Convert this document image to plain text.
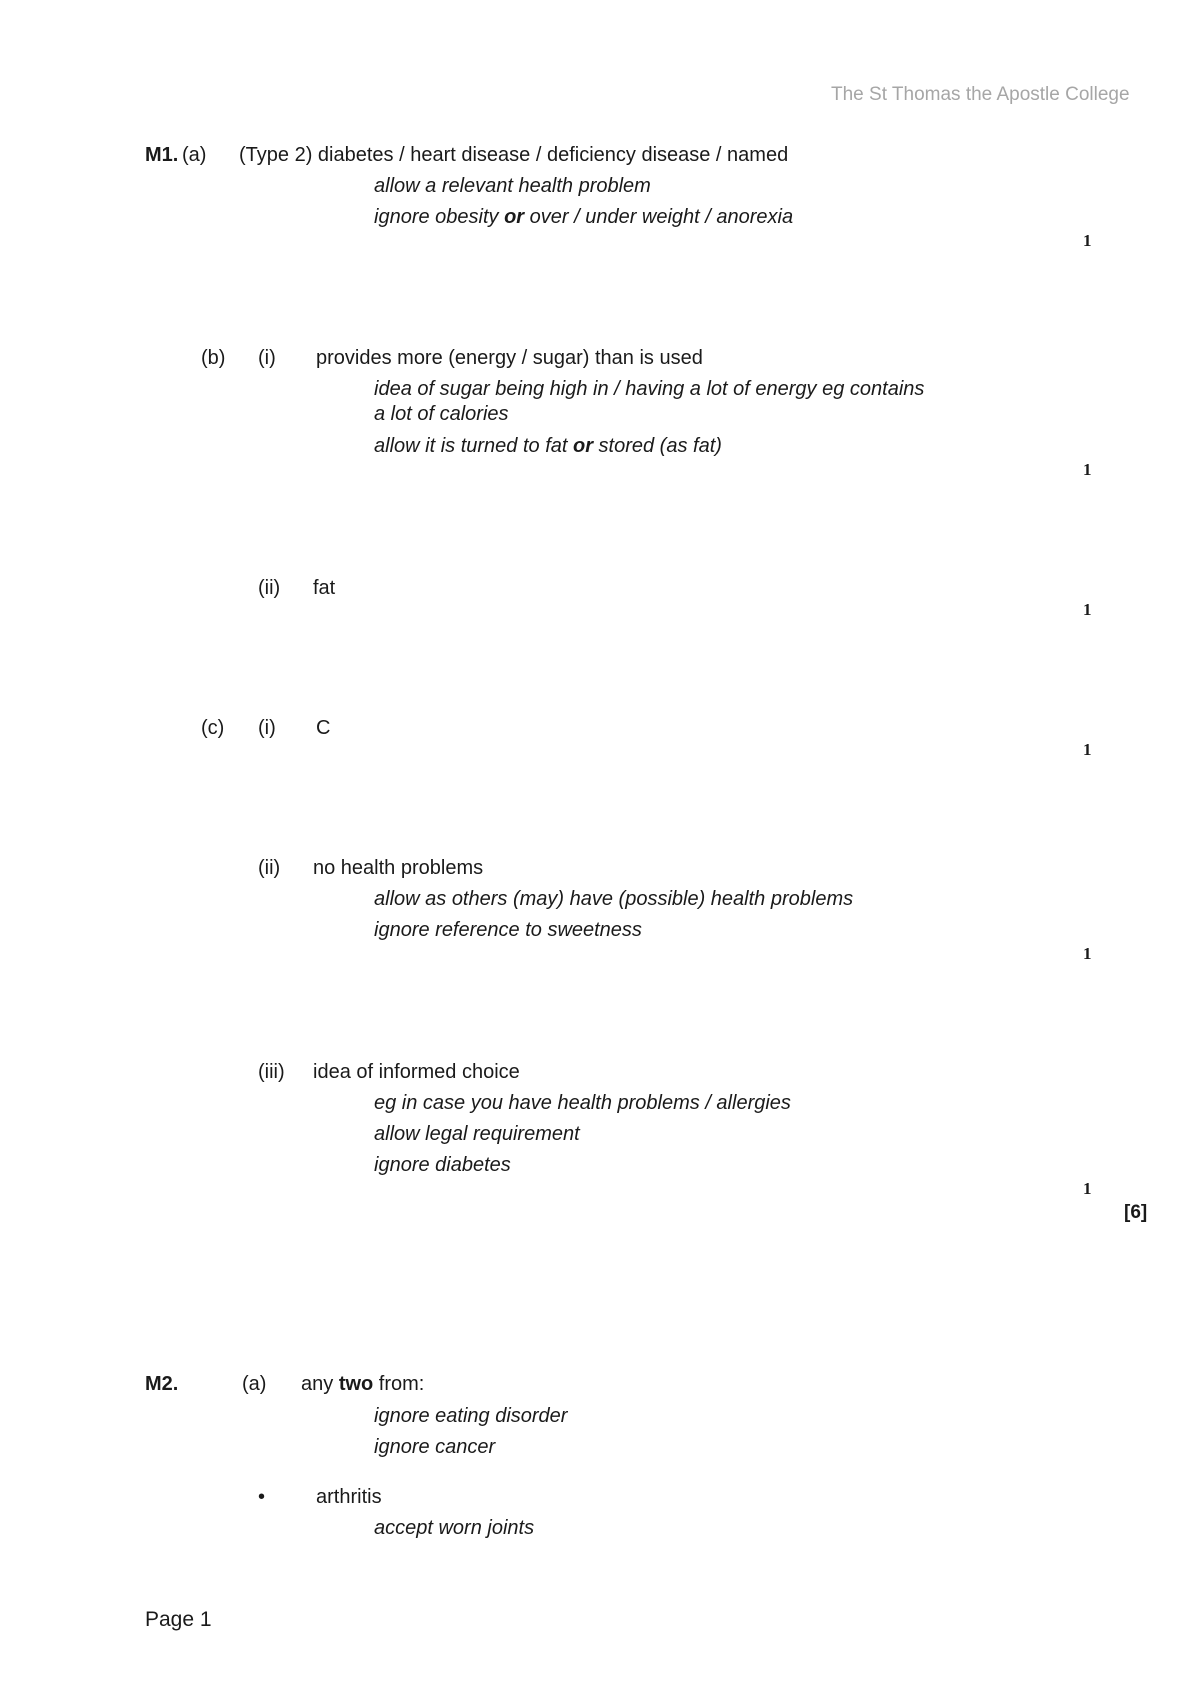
The St Thomas the Apostle College
M1. (a) (Type 2) diabetes / heart disease / deficiency disease / named
allow a relevant health problem
ignore obesity or over / under weight / anorexia
1
(b) (i) provides more (energy / sugar) than is used
idea of sugar being high in / having a lot of energy eg contains a lot of calories
allow it is turned to fat or stored (as fat)
1
(ii) fat
1
(c) (i) C
1
(ii) no health problems
allow as others (may) have (possible) health problems
ignore reference to sweetness
1
(iii) idea of informed choice
eg in case you have health problems / allergies
allow legal requirement
ignore diabetes
1
[6]
M2.	(a) any two from:
ignore eating disorder
ignore cancer
•	arthritis
accept worn joints
Page 1
